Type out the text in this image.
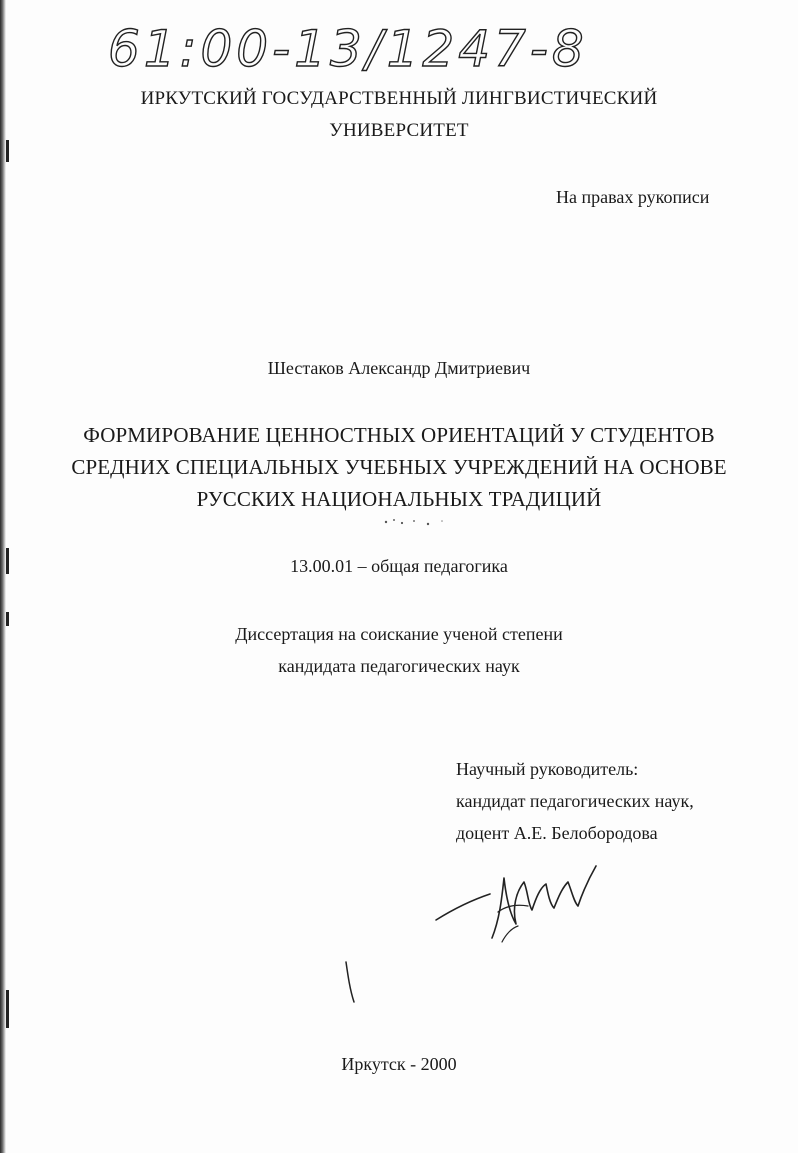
61:00-13/1247-8
ИРКУТСКИЙ ГОСУДАРСТВЕННЫЙ ЛИНГВИСТИЧЕСКИЙ
УНИВЕРСИТЕТ
На правах рукописи
Шестаков Александр Дмитриевич
ФОРМИРОВАНИЕ ЦЕННОСТНЫХ ОРИЕНТАЦИЙ У СТУДЕНТОВ
СРЕДНИХ СПЕЦИАЛЬНЫХ УЧЕБНЫХ УЧРЕЖДЕНИЙ НА ОСНОВЕ
РУССКИХ НАЦИОНАЛЬНЫХ ТРАДИЦИЙ
13.00.01 – общая педагогика
Диссертация на соискание ученой степени
кандидата педагогических наук
Научный руководитель:
кандидат педагогических наук,
доцент А.Е. Белобородова
Иркутск - 2000
